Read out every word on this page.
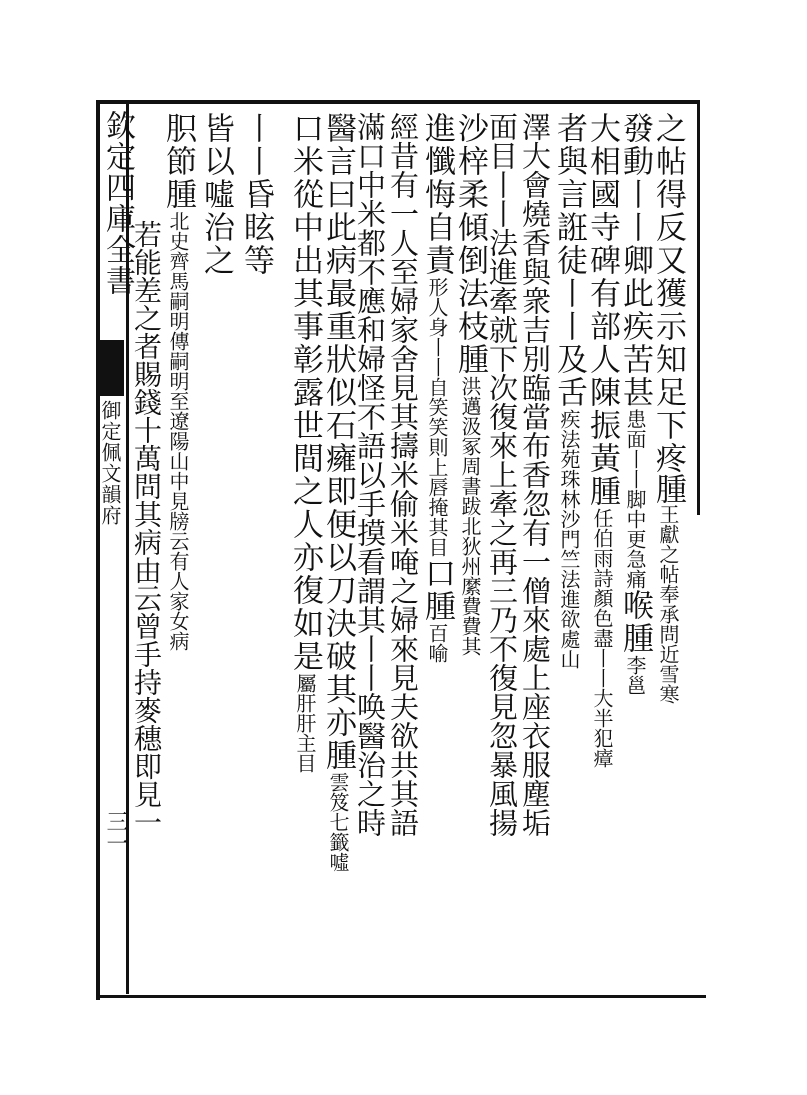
欽定四庫全書
御定佩文韻府
三一
之帖得反又獲示知足下疼腫王獻之帖奉承問近雪寒
發動丨丨卿此疾苦甚患面丨丨脚中更急痛喉腫李邕
大相國寺碑有部人陳振黃腫任伯雨詩顏色盡丨丨大半犯瘴
者與言誑徒丨丨及舌疾法苑珠林沙門竺法進欲處山
澤大會燒香與衆吉別臨當布香忽有一僧來處上座衣服塵垢
面目丨丨法進牽就下次復來上牽之再三乃不復見忽暴風揚
沙梓柔傾倒法枝腫洪邁汲冢周書跋北狄州縻費費其
進懺悔自責形人身丨丨自笑笑則上唇掩其目口腫百喻
經昔有一人至婦家舍見其擣米偷米唵之婦來見夫欲共其語
滿口中米都不應和婦怪不語以手摸看謂其丨丨唤醫治之時
醫言曰此病最重狀似石癕即便以刀決破其亦腫雲笈七籤噓
口米從中出其事彰露世間之人亦復如是屬肝肝主目
丨丨昏眩等
皆以噓治之
胑節腫北史齊馬嗣明傳嗣明至遼陽山中見牓云有人家女病
若能差之者賜錢十萬問其病由云曾手持麥穗即見一
